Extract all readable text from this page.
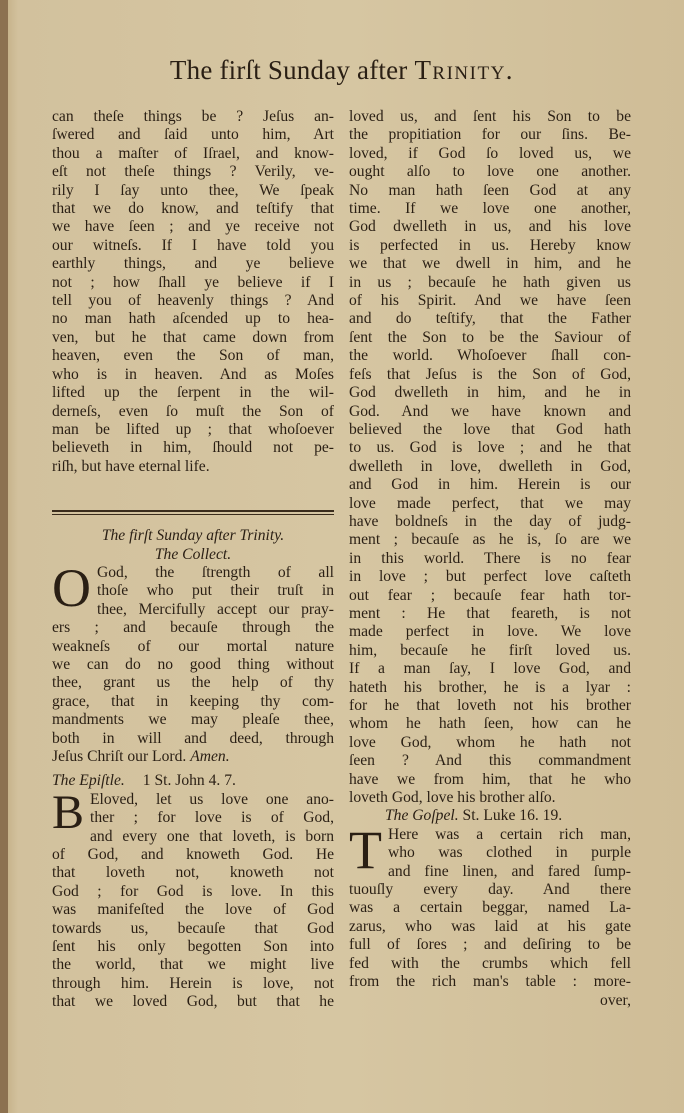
The firſt Sunday after Trinity.
can theſe things be ? Jeſus an-
ſwered and ſaid unto him, Art
thou a maſter of Iſrael, and know-
eſt not theſe things ? Verily, ve-
rily I ſay unto thee, We ſpeak
that we do know, and teſtify that
we have ſeen ; and ye receive not
our witneſs. If I have told you
earthly things, and ye believe
not ; how ſhall ye believe if I
tell you of heavenly things ? And
no man hath aſcended up to hea-
ven, but he that came down from
heaven, even the Son of man,
who is in heaven. And as Moſes
lifted up the ſerpent in the wil-
derneſs, even ſo muſt the Son of
man be lifted up ; that whoſoever
believeth in him, ſhould not pe-
riſh, but have eternal life.
The firſt Sunday after Trinity.
The Collect.
O God, the ſtrength of all
thoſe who put their truſt in
thee, Mercifully accept our pray-
ers ; and becauſe through the
weakneſs of our mortal nature
we can do no good thing without
thee, grant us the help of thy
grace, that in keeping thy com-
mandments we may pleaſe thee,
both in will and deed, through
Jeſus Chriſt our Lord. Amen.
The Epiſtle. 1 St. John 4. 7.
B Eloved, let us love one ano-
ther ; for love is of God,
and every one that loveth, is born
of God, and knoweth God. He
that loveth not, knoweth not
God ; for God is love. In this
was manifeſted the love of God
towards us, becauſe that God
ſent his only begotten Son into
the world, that we might live
through him. Herein is love, not
that we loved God, but that he
loved us, and ſent his Son to be
the propitiation for our ſins. Be-
loved, if God ſo loved us, we
ought alſo to love one another.
No man hath ſeen God at any
time. If we love one another,
God dwelleth in us, and his love
is perfected in us. Hereby know
we that we dwell in him, and he
in us ; becauſe he hath given us
of his Spirit. And we have ſeen
and do teſtify, that the Father
ſent the Son to be the Saviour of
the world. Whoſoever ſhall con-
feſs that Jeſus is the Son of God,
God dwelleth in him, and he in
God. And we have known and
believed the love that God hath
to us. God is love ; and he that
dwelleth in love, dwelleth in God,
and God in him. Herein is our
love made perfect, that we may
have boldneſs in the day of judg-
ment ; becauſe as he is, ſo are we
in this world. There is no fear
in love ; but perfect love caſteth
out fear ; becauſe fear hath tor-
ment : He that feareth, is not
made perfect in love. We love
him, becauſe he firſt loved us.
If a man ſay, I love God, and
hateth his brother, he is a lyar :
for he that loveth not his brother
whom he hath ſeen, how can he
love God, whom he hath not
ſeen ? And this commandment
have we from him, that he who
loveth God, love his brother alſo.
The Goſpel. St. Luke 16. 19.
T Here was a certain rich man,
who was clothed in purple
and fine linen, and fared ſump-
tuouſly every day. And there
was a certain beggar, named La-
zarus, who was laid at his gate
full of ſores ; and deſiring to be
fed with the crumbs which fell
from the rich man's table : more-
over,
